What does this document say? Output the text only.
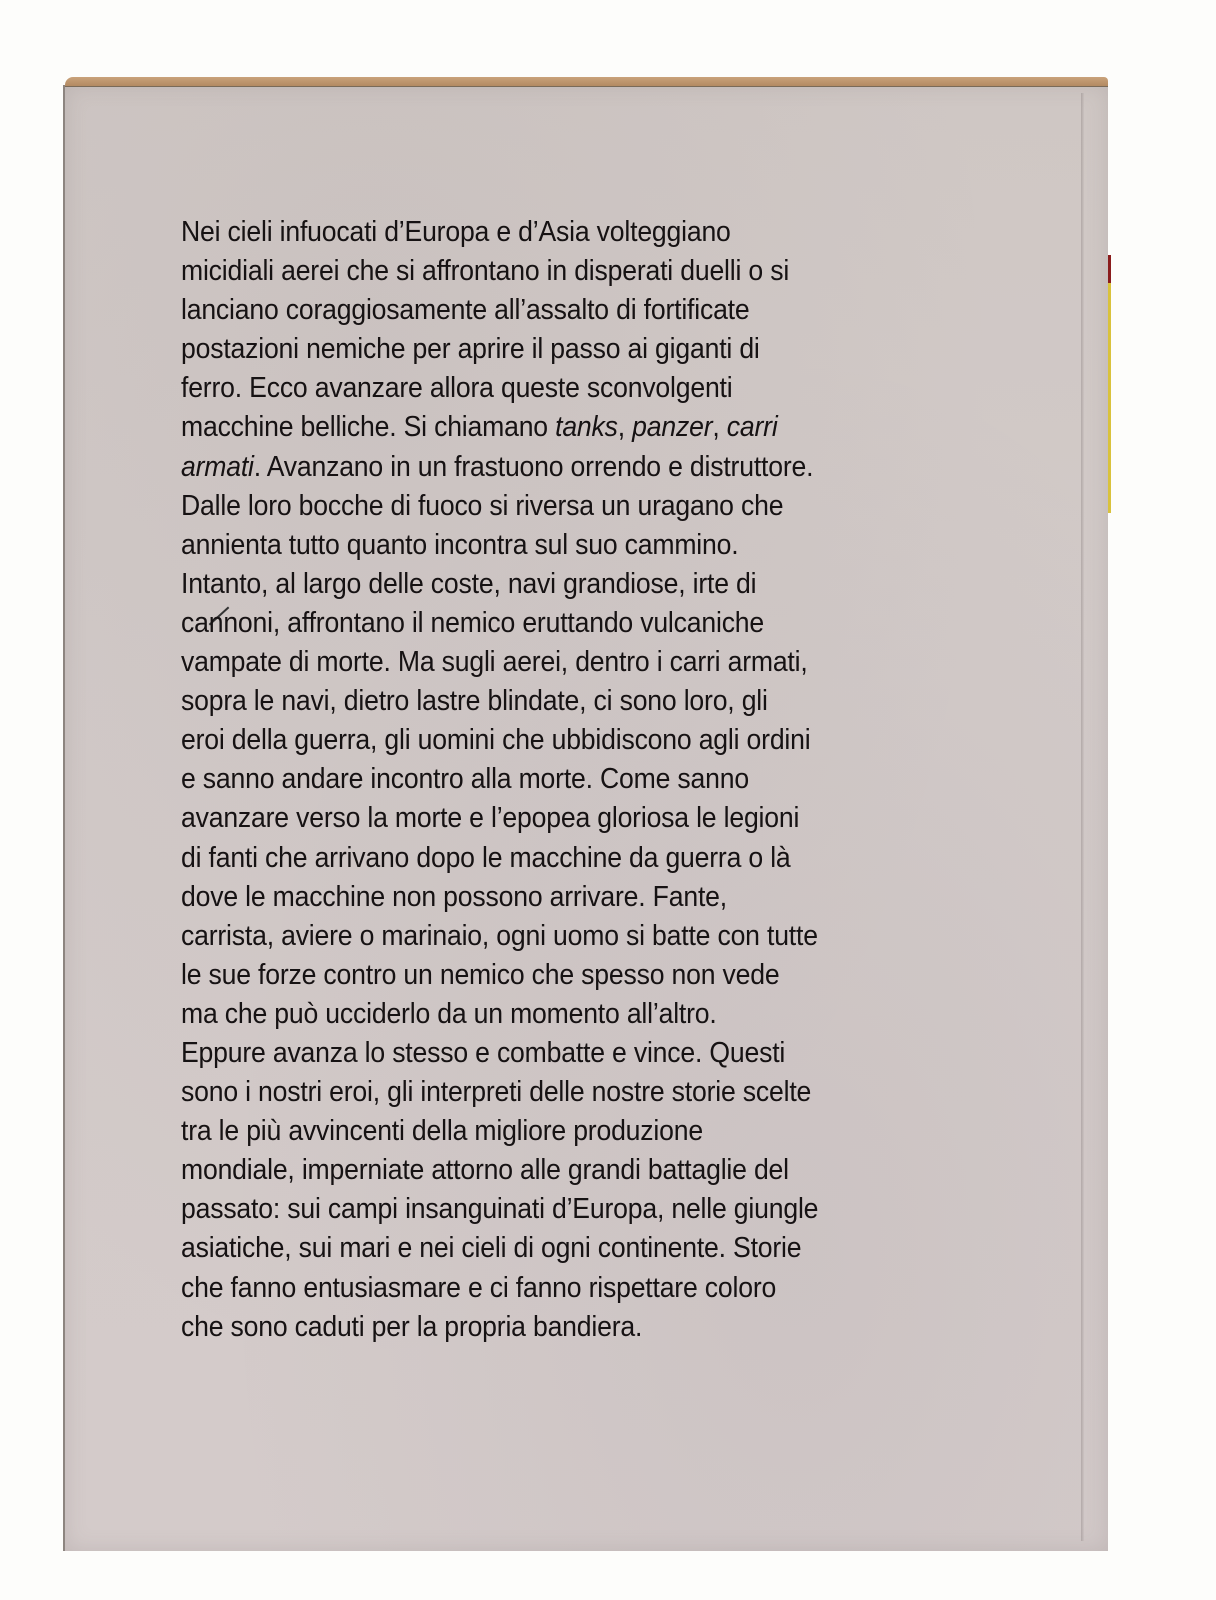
Nei cieli infuocati d’Europa e d’Asia volteggiano
micidiali aerei che si affrontano in disperati duelli o si
lanciano coraggiosamente all’assalto di fortificate
postazioni nemiche per aprire il passo ai giganti di
ferro. Ecco avanzare allora queste sconvolgenti
macchine belliche. Si chiamano tanks, panzer, carri
armati. Avanzano in un frastuono orrendo e distruttore.
Dalle loro bocche di fuoco si riversa un uragano che
annienta tutto quanto incontra sul suo cammino.
Intanto, al largo delle coste, navi grandiose, irte di
cannoni, affrontano il nemico eruttando vulcaniche
vampate di morte. Ma sugli aerei, dentro i carri armati,
sopra le navi, dietro lastre blindate, ci sono loro, gli
eroi della guerra, gli uomini che ubbidiscono agli ordini
e sanno andare incontro alla morte. Come sanno
avanzare verso la morte e l’epopea gloriosa le legioni
di fanti che arrivano dopo le macchine da guerra o là
dove le macchine non possono arrivare. Fante,
carrista, aviere o marinaio, ogni uomo si batte con tutte
le sue forze contro un nemico che spesso non vede
ma che può ucciderlo da un momento all’altro.
Eppure avanza lo stesso e combatte e vince. Questi
sono i nostri eroi, gli interpreti delle nostre storie scelte
tra le più avvincenti della migliore produzione
mondiale, imperniate attorno alle grandi battaglie del
passato: sui campi insanguinati d’Europa, nelle giungle
asiatiche, sui mari e nei cieli di ogni continente. Storie
che fanno entusiasmare e ci fanno rispettare coloro
che sono caduti per la propria bandiera.
